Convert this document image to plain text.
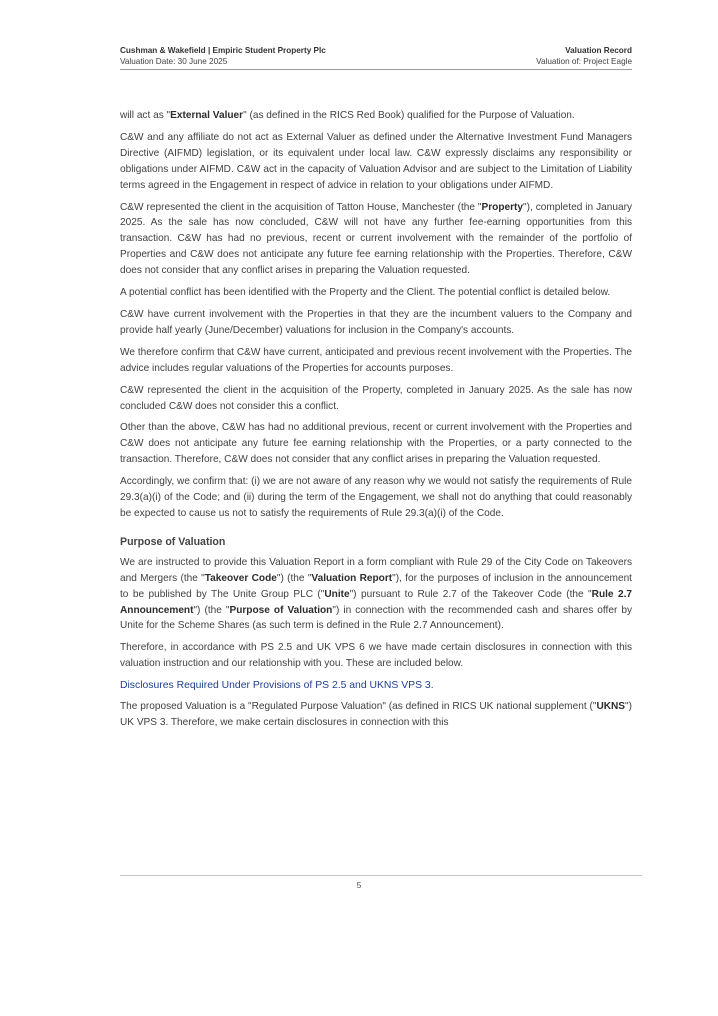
Cushman & Wakefield | Empiric Student Property Plc	Valuation Record
Valuation Date: 30 June 2025	Valuation of: Project Eagle

will act as "External Valuer" (as defined in the RICS Red Book) qualified for the Purpose of Valuation.

C&W and any affiliate do not act as External Valuer as defined under the Alternative Investment Fund Managers Directive (AIFMD) legislation, or its equivalent under local law. C&W expressly disclaims any responsibility or obligations under AIFMD. C&W act in the capacity of Valuation Advisor and are subject to the Limitation of Liability terms agreed in the Engagement in respect of advice in relation to your obligations under AIFMD.

C&W represented the client in the acquisition of Tatton House, Manchester (the "Property"), completed in January 2025. As the sale has now concluded, C&W will not have any further fee-earning opportunities from this transaction. C&W has had no previous, recent or current involvement with the remainder of the portfolio of Properties and C&W does not anticipate any future fee earning relationship with the Properties. Therefore, C&W does not consider that any conflict arises in preparing the Valuation requested.

A potential conflict has been identified with the Property and the Client. The potential conflict is detailed below.

C&W have current involvement with the Properties in that they are the incumbent valuers to the Company and provide half yearly (June/December) valuations for inclusion in the Company's accounts.

We therefore confirm that C&W have current, anticipated and previous recent involvement with the Properties. The advice includes regular valuations of the Properties for accounts purposes.

C&W represented the client in the acquisition of the Property, completed in January 2025. As the sale has now concluded C&W does not consider this a conflict.

Other than the above, C&W has had no additional previous, recent or current involvement with the Properties and C&W does not anticipate any future fee earning relationship with the Properties, or a party connected to the transaction. Therefore, C&W does not consider that any conflict arises in preparing the Valuation requested.

Accordingly, we confirm that: (i) we are not aware of any reason why we would not satisfy the requirements of Rule 29.3(a)(i) of the Code; and (ii) during the term of the Engagement, we shall not do anything that could reasonably be expected to cause us not to satisfy the requirements of Rule 29.3(a)(i) of the Code.

Purpose of Valuation

We are instructed to provide this Valuation Report in a form compliant with Rule 29 of the City Code on Takeovers and Mergers (the "Takeover Code") (the "Valuation Report"), for the purposes of inclusion in the announcement to be published by The Unite Group PLC ("Unite") pursuant to Rule 2.7 of the Takeover Code (the "Rule 2.7 Announcement") (the "Purpose of Valuation") in connection with the recommended cash and shares offer by Unite for the Scheme Shares (as such term is defined in the Rule 2.7 Announcement).

Therefore, in accordance with PS 2.5 and UK VPS 6 we have made certain disclosures in connection with this valuation instruction and our relationship with you. These are included below.

Disclosures Required Under Provisions of PS 2.5 and UKNS VPS 3.

The proposed Valuation is a "Regulated Purpose Valuation" (as defined in RICS UK national supplement ("UKNS") UK VPS 3. Therefore, we make certain disclosures in connection with this

5
